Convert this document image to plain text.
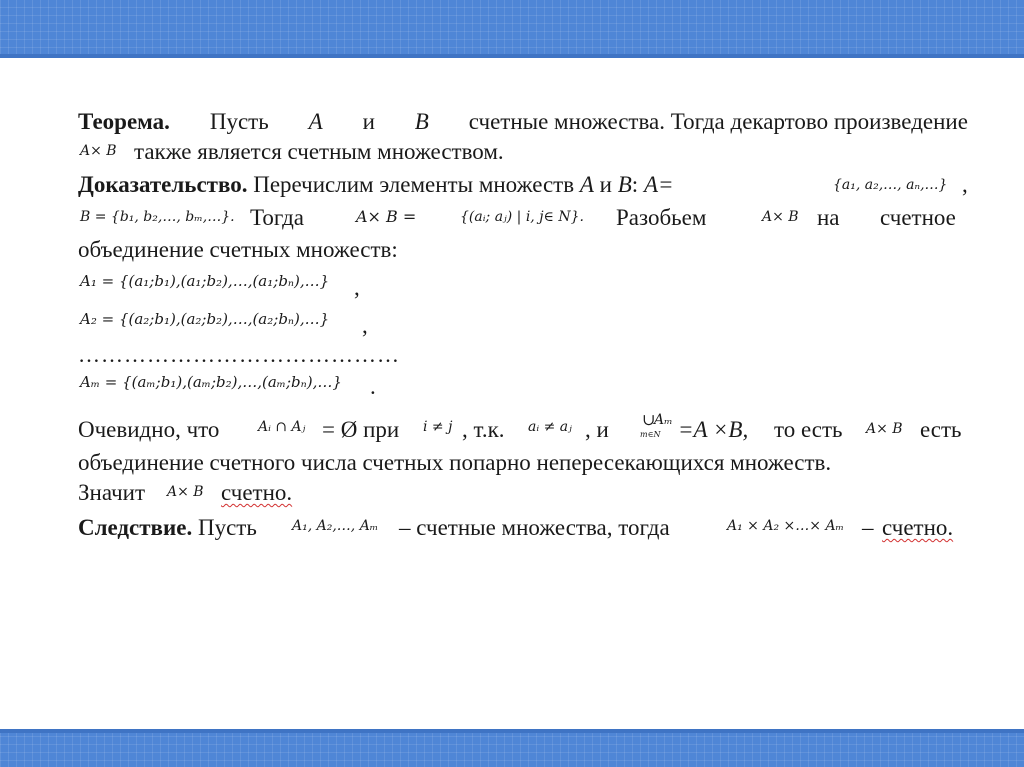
Теорема. Пусть A и B счетные множества. Тогда декартово произведение
A× B также является счетным множеством.
Доказательство. Перечислим элементы множеств A и B: A=	{a₁, a₂,…, aₙ,…} ,
B = {b₁, b₂,…, bₘ,…}. Тогда	A× B =	{(aᵢ; aⱼ) | i, j∈ N}. Разобьем	A× B на счетное
объединение счетных множеств:
A₁ = {(a₁;b₁),(a₁;b₂),…,(a₁;bₙ),…} ,
A₂ = {(a₂;b₁),(a₂;b₂),…,(a₂;bₙ),…} ,
……………………………………
Aₘ = {(aₘ;b₁),(aₘ;b₂),…,(aₘ;bₙ),…} .
Очевидно, что	Aᵢ ∩ Aⱼ = Ø при i ≠ j , т.к. aᵢ ≠ aⱼ , и ∪
Aₘ
m∈N =A ×B, то есть A× B есть
объединение счетного числа счетных попарно непересекающихся множеств.
Значит A× B счетно.
Следствие. Пусть	A₁, A₂,…, Aₘ – счетные множества, тогда	A₁ × A₂ ×…× Aₘ – счетно.
